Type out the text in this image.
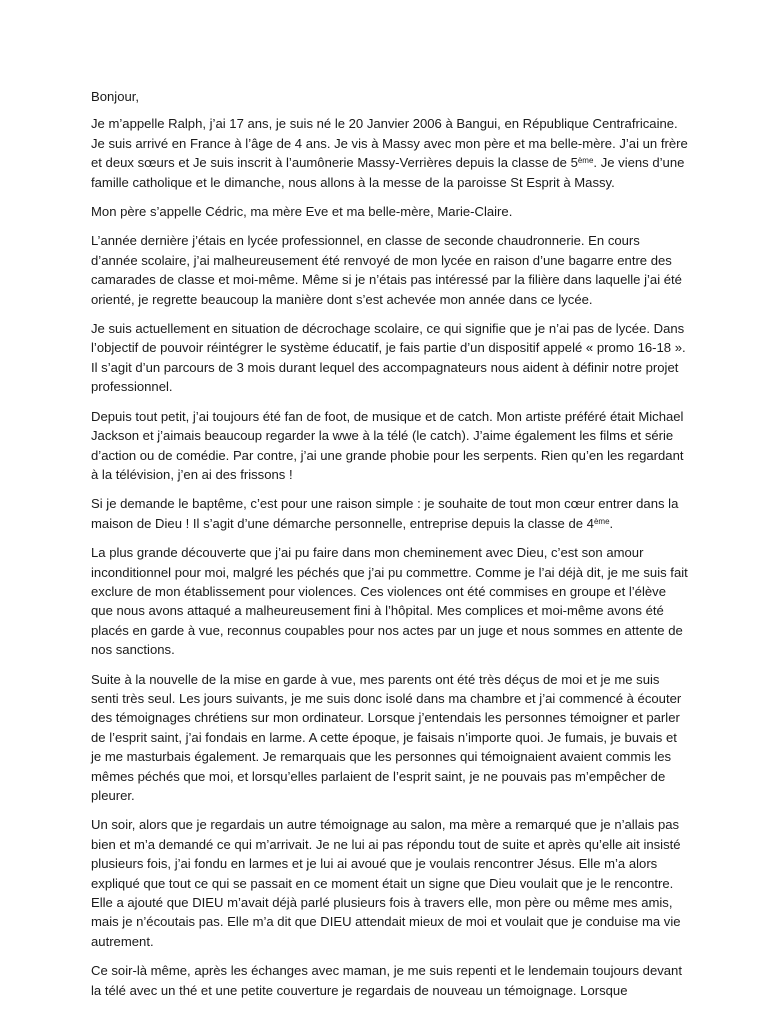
Bonjour,

Je m’appelle Ralph, j’ai 17 ans, je suis né le 20 Janvier 2006 à Bangui, en République Centrafricaine. Je suis arrivé en France à l’âge de 4 ans. Je vis à Massy avec mon père et ma belle-mère. J’ai un frère et deux sœurs et Je suis inscrit à l’aumônerie Massy-Verrières depuis la classe de 5ème. Je viens d’une famille catholique et le dimanche, nous allons à la messe de la paroisse St Esprit à Massy.

Mon père s’appelle Cédric, ma mère Eve et ma belle-mère, Marie-Claire.

L’année dernière j’étais en lycée professionnel, en classe de seconde chaudronnerie. En cours d’année scolaire, j’ai malheureusement été renvoyé de mon lycée en raison d’une bagarre entre des camarades de classe et moi-même. Même si je n’étais pas intéressé par la filière dans laquelle j’ai été orienté, je regrette beaucoup la manière dont s’est achevée mon année dans ce lycée.

Je suis actuellement en situation de décrochage scolaire, ce qui signifie que je n’ai pas de lycée. Dans l’objectif de pouvoir réintégrer le système éducatif, je fais partie d’un dispositif appelé « promo 16-18 ». Il s’agit d’un parcours de 3 mois durant lequel des accompagnateurs nous aident à définir notre projet professionnel.

Depuis tout petit, j’ai toujours été fan de foot, de musique et de catch. Mon artiste préféré était Michael Jackson et j’aimais beaucoup regarder la wwe à la télé (le catch). J’aime également les films et série d’action ou de comédie. Par contre, j’ai une grande phobie pour les serpents. Rien qu’en les regardant à la télévision, j’en ai des frissons !

Si je demande le baptême, c’est pour une raison simple : je souhaite de tout mon cœur entrer dans la maison de Dieu ! Il s’agit d’une démarche personnelle, entreprise depuis la classe de 4ème.

La plus grande découverte que j’ai pu faire dans mon cheminement avec Dieu, c’est son amour inconditionnel pour moi, malgré les péchés que j’ai pu commettre. Comme je l’ai déjà dit, je me suis fait exclure de mon établissement pour violences. Ces violences ont été commises en groupe et l’élève que nous avons attaqué a malheureusement fini à l’hôpital. Mes complices et moi-même avons été placés en garde à vue, reconnus coupables pour nos actes par un juge et nous sommes en attente de nos sanctions.

Suite à la nouvelle de la mise en garde à vue, mes parents ont été très déçus de moi et je me suis senti très seul. Les jours suivants, je me suis donc isolé dans ma chambre et j’ai commencé à écouter des témoignages chrétiens sur mon ordinateur. Lorsque j’entendais les personnes témoigner et parler de l’esprit saint, j’ai fondais en larme. A cette époque, je faisais n’importe quoi. Je fumais, je buvais et je me masturbais également. Je remarquais que les personnes qui témoignaient avaient commis les mêmes péchés que moi, et lorsqu’elles parlaient de l’esprit saint, je ne pouvais pas m’empêcher de pleurer.

Un soir, alors que je regardais un autre témoignage au salon, ma mère a remarqué que je n’allais pas bien et m’a demandé ce qui m’arrivait. Je ne lui ai pas répondu tout de suite et après qu’elle ait insisté plusieurs fois, j’ai fondu en larmes et je lui ai avoué que je voulais rencontrer Jésus. Elle m’a alors expliqué que tout ce qui se passait en ce moment était un signe que Dieu voulait que je le rencontre. Elle a ajouté que DIEU m’avait déjà parlé plusieurs fois à travers elle, mon père ou même mes amis, mais je n’écoutais pas. Elle m’a dit que DIEU attendait mieux de moi et voulait que je conduise ma vie autrement.

Ce soir-là même, après les échanges avec maman, je me suis repenti et le lendemain toujours devant la télé avec un thé et une petite couverture je regardais de nouveau un témoignage. Lorsque
